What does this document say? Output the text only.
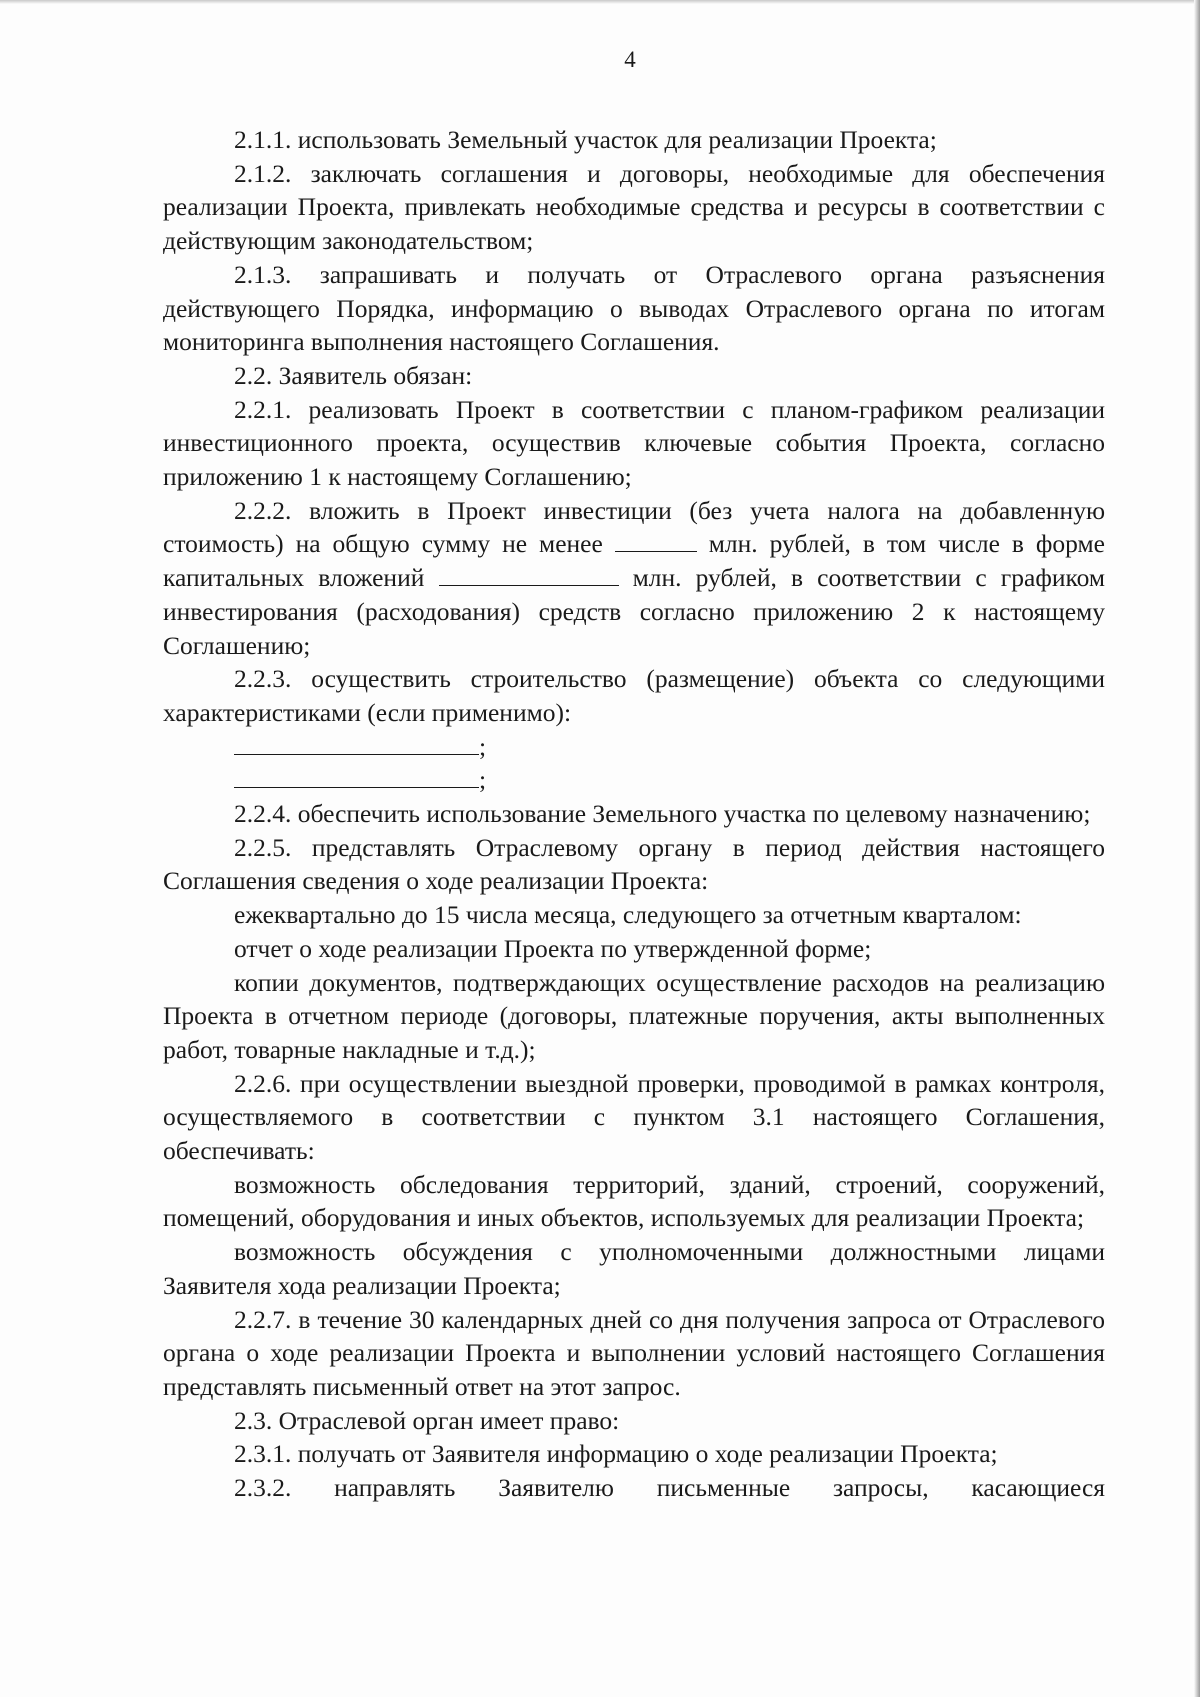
4

2.1.1. использовать Земельный участок для реализации Проекта;

2.1.2. заключать соглашения и договоры, необходимые для обеспечения реализации Проекта, привлекать необходимые средства и ресурсы в соответствии с действующим законодательством;

2.1.3. запрашивать и получать от Отраслевого органа разъяснения действующего Порядка, информацию о выводах Отраслевого органа по итогам мониторинга выполнения настоящего Соглашения.

2.2. Заявитель обязан:

2.2.1. реализовать Проект в соответствии с планом-графиком реализации инвестиционного проекта, осуществив ключевые события Проекта, согласно приложению 1 к настоящему Соглашению;

2.2.2. вложить в Проект инвестиции (без учета налога на добавленную стоимость) на общую сумму не менее	млн. рублей, в том числе в форме капитальных вложений	млн. рублей, в соответствии с графиком инвестирования (расходования) средств согласно приложению 2 к настоящему Соглашению;

2.2.3. осуществить строительство (размещение) объекта со следующими характеристиками (если применимо):

;

;

2.2.4. обеспечить использование Земельного участка по целевому назначению;

2.2.5. представлять Отраслевому органу в период действия настоящего Соглашения сведения о ходе реализации Проекта:

ежеквартально до 15 числа месяца, следующего за отчетным кварталом:

отчет о ходе реализации Проекта по утвержденной форме;

копии документов, подтверждающих осуществление расходов на реализацию Проекта в отчетном периоде (договоры, платежные поручения, акты выполненных работ, товарные накладные и т.д.);

2.2.6. при осуществлении выездной проверки, проводимой в рамках контроля, осуществляемого в соответствии с пунктом 3.1 настоящего Соглашения, обеспечивать:

возможность обследования территорий, зданий, строений, сооружений, помещений, оборудования и иных объектов, используемых для реализации Проекта;

возможность обсуждения с уполномоченными должностными лицами Заявителя хода реализации Проекта;

2.2.7. в течение 30 календарных дней со дня получения запроса от Отраслевого органа о ходе реализации Проекта и выполнении условий настоящего Соглашения представлять письменный ответ на этот запрос.

2.3. Отраслевой орган имеет право:

2.3.1. получать от Заявителя информацию о ходе реализации Проекта;

2.3.2. направлять Заявителю письменные запросы, касающиеся
